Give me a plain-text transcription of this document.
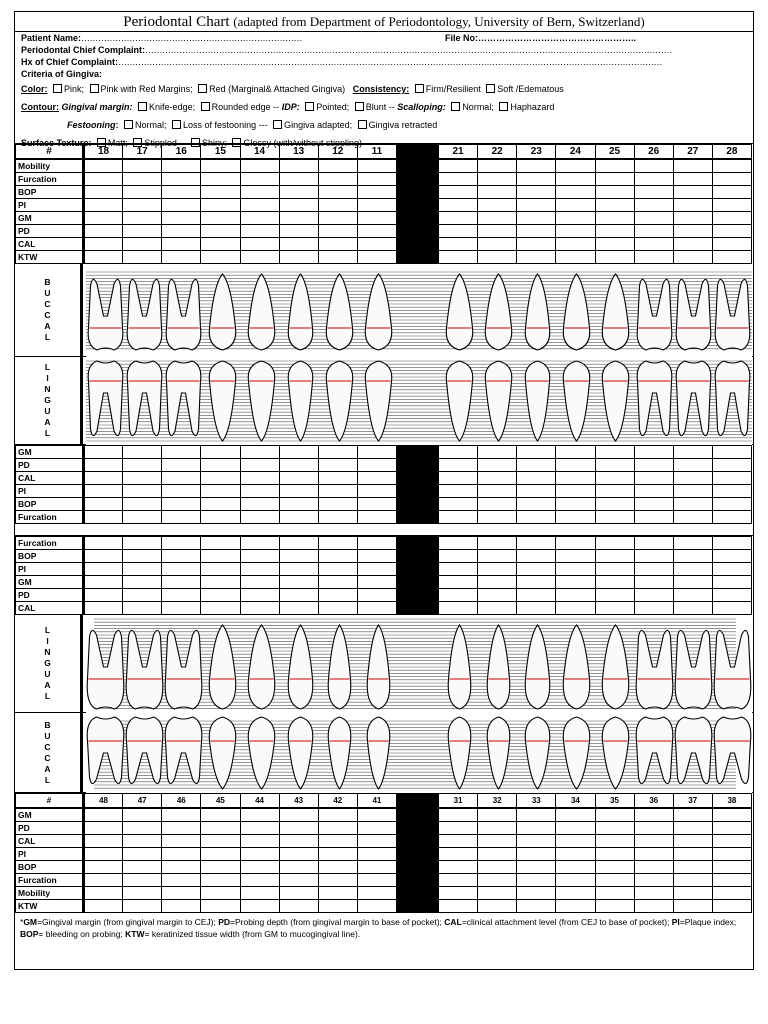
Periodontal Chart (adapted from Department of Periodontology, University of Bern, Switzerland)
Patient Name:……………………………………………………………………	File No:……………………………………………..
Periodontal Chief Complaint:……………………………………………………………………………………………………………………………………………………………………
Hx of Chief Complaint:…………………………………………………………………………………………………………………………………………………………………………
Criteria of Gingiva:
Color: Pink; Pink with Red Margins; Red (Marginal& Attached Gingiva) Consistency: Firm/Resilient Soft /Edematous
Contour: Gingival margin: Knife-edge; Rounded edge -- IDP: Pointed; Blunt -- Scalloping: Normal; Haphazard
Festooning: Normal; Loss of festooning --- Gingiva adapted; Gingiva retracted
Surface Texture: Matt; Stippled -- Shiny; Glossy (with/without stippling)
#	18	17	16	15	14	13	12	11		21	22	23	24	25	26	27	28
Mobility																	
Furcation																	
BOP																	
PI																	
GM																	
PD																	
CAL																	
KTW																	
B
U
C
C
A
L
L
I
N
G
U
A
L
GM																	
PD																	
CAL																	
PI																	
BOP																	
Furcation																	
Furcation																	
BOP																	
PI																	
GM																	
PD																	
CAL																	
L
I
N
G
U
A
L
B
U
C
C
A
L
#	48	47	46	45	44	43	42	41		31	32	33	34	35	36	37	38
GM																	
PD																	
CAL																	
PI																	
BOP																	
Furcation																	
Mobility																	
KTW																	
*GM=Gingival margin (from gingival margin to CEJ); PD=Probing depth (from gingival margin to base of pocket); CAL=clinical attachment level (from CEJ to base of pocket); PI=Plaque index; BOP= bleeding on probing; KTW= keratinized tissue width (from GM to mucogingival line).
